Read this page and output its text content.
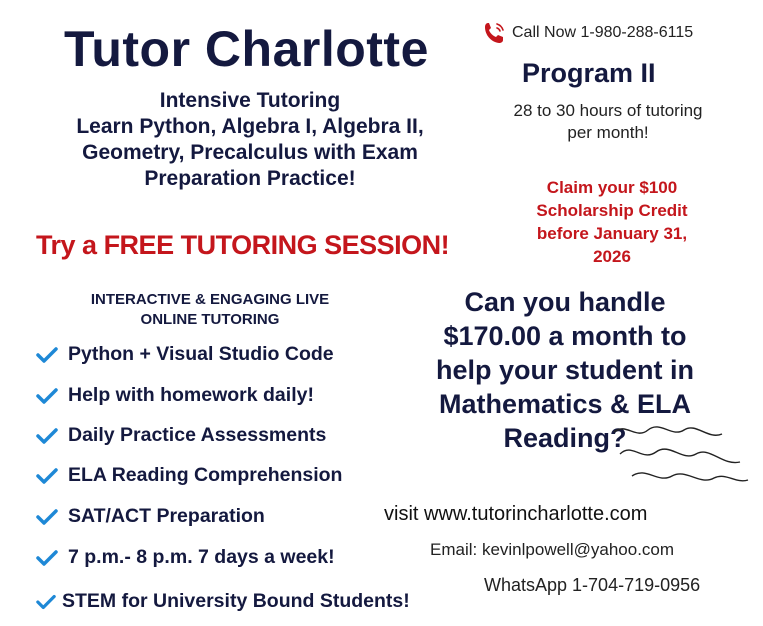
Tutor Charlotte
Intensive Tutoring
Learn Python, Algebra I, Algebra II,
Geometry, Precalculus with Exam
Preparation Practice!
Try a FREE TUTORING SESSION!
INTERACTIVE & ENGAGING LIVE
ONLINE TUTORING
Python + Visual Studio Code
Help with homework daily!
Daily Practice Assessments
ELA Reading Comprehension
SAT/ACT Preparation
7 p.m.- 8 p.m. 7 days a week!
STEM for University Bound Students!
Call Now 1-980-288-6115
Program II
28 to 30 hours of tutoring
per month!
Claim your $100
Scholarship Credit
before January 31,
2026
Can you handle
$170.00 a month to
help your student in
Mathematics & ELA
Reading?
visit www.tutorincharlotte.com
Email: kevinlpowell@yahoo.com
WhatsApp 1-704-719-0956
